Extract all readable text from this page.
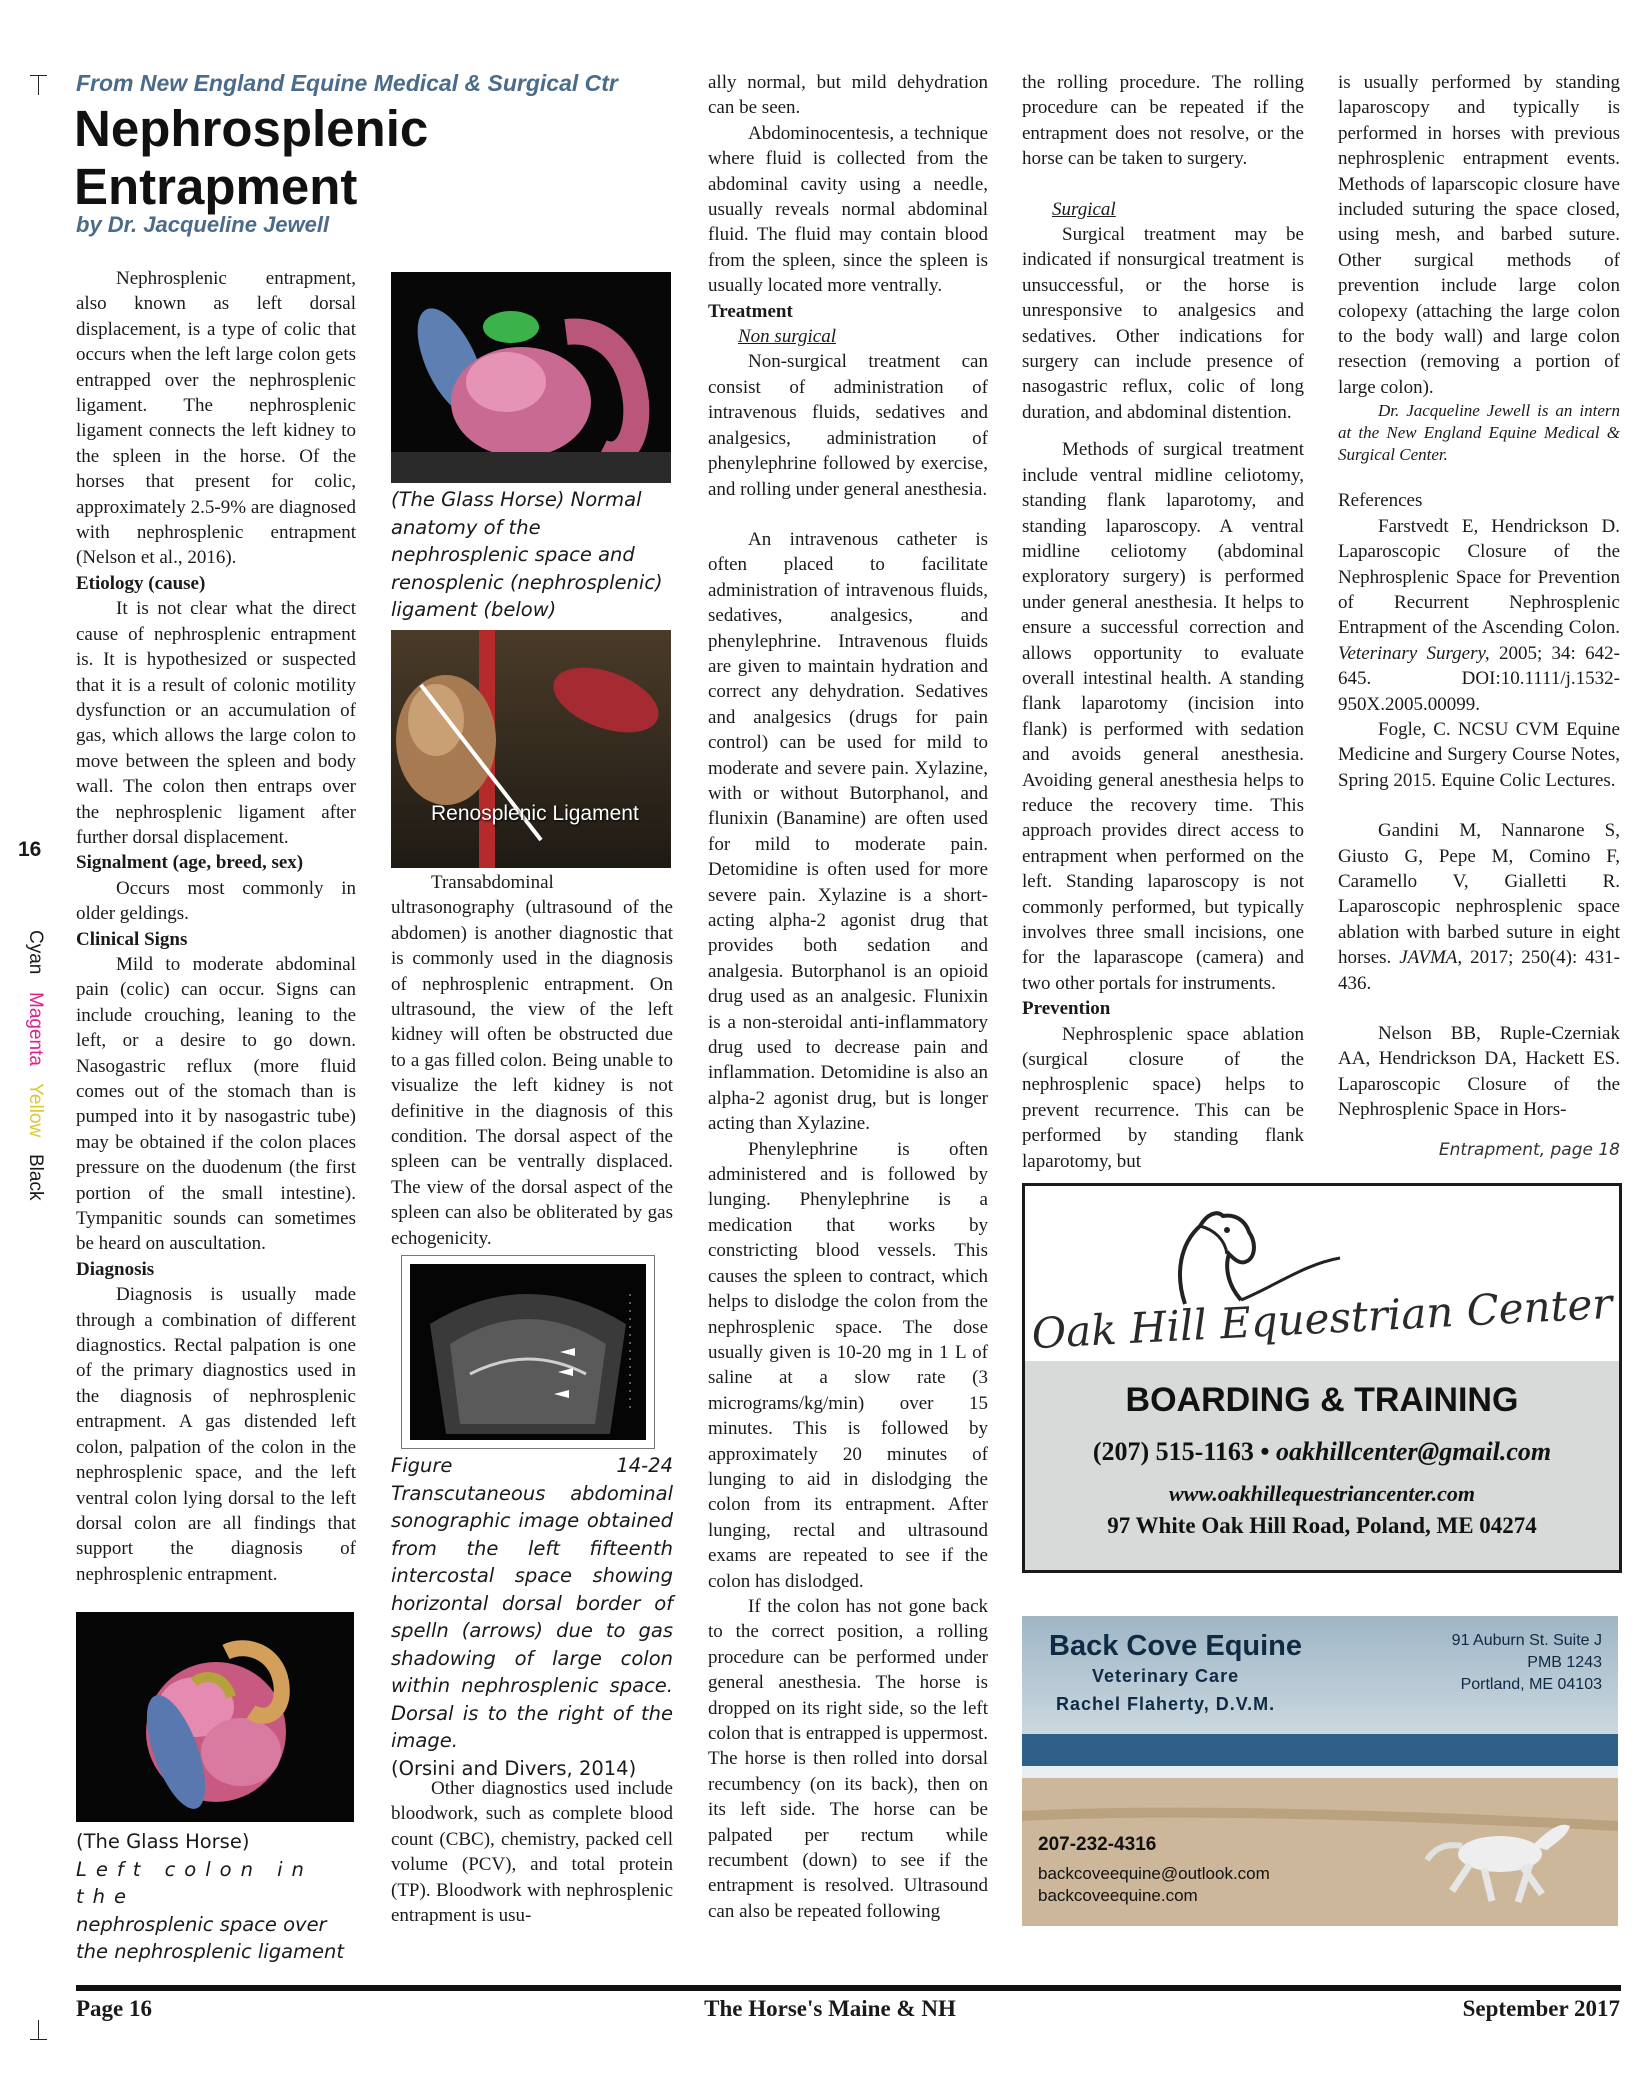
16
Cyan Magenta Yellow Black
From New England Equine Medical & Surgical Ctr
Nephrosplenic
Entrapment
by Dr. Jacqueline Jewell

Nephrosplenic entrapment, also known as left dorsal displacement, is a type of colic that occurs when the left large colon gets entrapped over the nephrosplenic ligament. The nephrosplenic ligament connects the left kidney to the spleen in the horse. Of the horses that present for colic, approximately 2.5-9% are diagnosed with nephrosplenic entrapment (Nelson et al., 2016).

Etiology (cause)

It is not clear what the direct cause of nephrosplenic entrapment is. It is hypothesized or suspected that it is a result of colonic motility dysfunction or an accumulation of gas, which allows the large colon to move between the spleen and body wall. The colon then entraps over the nephrosplenic ligament after further dorsal displacement.

Signalment (age, breed, sex)

Occurs most commonly in older geldings.

Clinical Signs

Mild to moderate abdominal pain (colic) can occur. Signs can include crouching, leaning to the left, or a desire to go down. Nasogastric reflux (more fluid comes out of the stomach than is pumped into it by nasogastric tube) may be obtained if the colon places pressure on the duodenum (the first portion of the small intestine). Tympanitic sounds can sometimes be heard on auscultation.

Diagnosis

Diagnosis is usually made through a combination of different diagnostics. Rectal palpation is one of the primary diagnostics used in the diagnosis of nephrosplenic entrapment. A gas distended left colon, palpation of the colon in the nephrosplenic space, and the left ventral colon lying dorsal to the left dorsal colon are all findings that support the diagnosis of nephrosplenic entrapment.

(The Glass Horse)
Left colon in the
nephrosplenic space over
the nephrosplenic ligament
(The Glass Horse) Normal anatomy of the nephrosplenic space and renosplenic (nephrosplenic) ligament (below)
Renosplenic Ligament

Transabdominal ultrasonography (ultrasound of the abdomen) is another diagnostic that is commonly used in the diagnosis of nephrosplenic entrapment. On ultrasound, the view of the left kidney will often be obstructed due to a gas filled colon. Being unable to visualize the left kidney is not definitive in the diagnosis of this condition. The dorsal aspect of the spleen can be ventrally displaced. The view of the dorsal aspect of the spleen can also be obliterated by gas echogenicity.

Figure 14-24 Transcutaneous abdominal sonographic image obtained from the left fifteenth intercostal space showing horizontal dorsal border of spelln (arrows) due to gas shadowing of large colon within nephrosplenic space. Dorsal is to the right of the image.
(Orsini and Divers, 2014)

Other diagnostics used include bloodwork, such as complete blood count (CBC), chemistry, packed cell volume (PCV), and total protein (TP). Bloodwork with nephrosplenic entrapment is usu-

ally normal, but mild dehydration can be seen.

Abdominocentesis, a technique where fluid is collected from the abdominal cavity using a needle, usually reveals normal abdominal fluid. The fluid may contain blood from the spleen, since the spleen is usually located more ventrally.

Treatment

Non surgical

Non-surgical treatment can consist of administration of intravenous fluids, sedatives and analgesics, administration of phenylephrine followed by exercise, and rolling under general anesthesia.

An intravenous catheter is often placed to facilitate administration of intravenous fluids, sedatives, analgesics, and phenylephrine. Intravenous fluids are given to maintain hydration and correct any dehydration. Sedatives and analgesics (drugs for pain control) can be used for mild to moderate and severe pain. Xylazine, with or without Butorphanol, and flunixin (Banamine) are often used for mild to moderate pain. Detomidine is often used for more severe pain. Xylazine is a short-acting alpha-2 agonist drug that provides both sedation and analgesia. Butorphanol is an opioid drug used as an analgesic. Flunixin is a non-steroidal anti-inflammatory drug used to decrease pain and inflammation. Detomidine is also an alpha-2 agonist drug, but is longer acting than Xylazine.

Phenylephrine is often administered and is followed by lunging. Phenylephrine is a medication that works by constricting blood vessels. This causes the spleen to contract, which helps to dislodge the colon from the nephrosplenic space. The dose usually given is 10-20 mg in 1 L of saline at a slow rate (3 micrograms/kg/min) over 15 minutes. This is followed by approximately 20 minutes of lunging to aid in dislodging the colon from its entrapment. After lunging, rectal and ultrasound exams are repeated to see if the colon has dislodged.

If the colon has not gone back to the correct position, a rolling procedure can be performed under general anesthesia. The horse is dropped on its right side, so the left colon that is entrapped is uppermost. The horse is then rolled into dorsal recumbency (on its back), then on its left side. The horse can be palpated per rectum while recumbent (down) to see if the entrapment is resolved. Ultrasound can also be repeated following

the rolling procedure. The rolling procedure can be repeated if the entrapment does not resolve, or the horse can be taken to surgery.

Surgical

Surgical treatment may be indicated if nonsurgical treatment is unsuccessful, or the horse is unresponsive to analgesics and sedatives. Other indications for surgery can include presence of nasogastric reflux, colic of long duration, and abdominal distention.

Methods of surgical treatment include ventral midline celiotomy, standing flank laparotomy, and standing laparoscopy. A ventral midline celiotomy (abdominal exploratory surgery) is performed under general anesthesia. It helps to ensure a successful correction and allows opportunity to evaluate overall intestinal health. A standing flank laparotomy (incision into flank) is performed with sedation and avoids general anesthesia. Avoiding general anesthesia helps to reduce the recovery time. This approach provides direct access to entrapment when performed on the left. Standing laparoscopy is not commonly performed, but typically involves three small incisions, one for the laparascope (camera) and two other portals for instruments.

Prevention

Nephrosplenic space ablation (surgical closure of the nephrosplenic space) helps to prevent recurrence. This can be performed by standing flank laparotomy, but

is usually performed by standing laparoscopy and typically is performed in horses with previous nephrosplenic entrapment events. Methods of laparscopic closure have included suturing the space closed, using mesh, and barbed suture. Other surgical methods of prevention include large colon colopexy (attaching the large colon to the body wall) and large colon resection (removing a portion of large colon).

Dr. Jacqueline Jewell is an intern at the New England Equine Medical & Surgical Center.

References

Farstvedt E, Hendrickson D. Laparoscopic Closure of the Nephrosplenic Space for Prevention of Recurrent Nephrosplenic Entrapment of the Ascending Colon. Veterinary Surgery, 2005; 34: 642-645. DOI:10.1111/j.1532-950X.2005.00099.

Fogle, C. NCSU CVM Equine Medicine and Surgery Course Notes, Spring 2015. Equine Colic Lectures.

Gandini M, Nannarone S, Giusto G, Pepe M, Comino F, Caramello V, Gialletti R. Laparoscopic nephrosplenic space ablation with barbed suture in eight horses. JAVMA, 2017; 250(4): 431-436.

Nelson BB, Ruple-Czerniak AA, Hendrickson DA, Hackett ES. Laparoscopic Closure of the Nephrosplenic Space in Hors-

Entrapment, page 18
Oak Hill Equestrian Center
BOARDING & TRAINING
(207) 515-1163 • oakhillcenter@gmail.com
www.oakhillequestriancenter.com
97 White Oak Hill Road, Poland, ME 04274
Back Cove Equine
Veterinary Care
Rachel Flaherty, D.V.M.
91 Auburn St. Suite J
PMB 1243
Portland, ME 04103
207-232-4316
backcoveequine@outlook.com
backcoveequine.com
Page 16	The Horse's Maine & NH	September 2017
